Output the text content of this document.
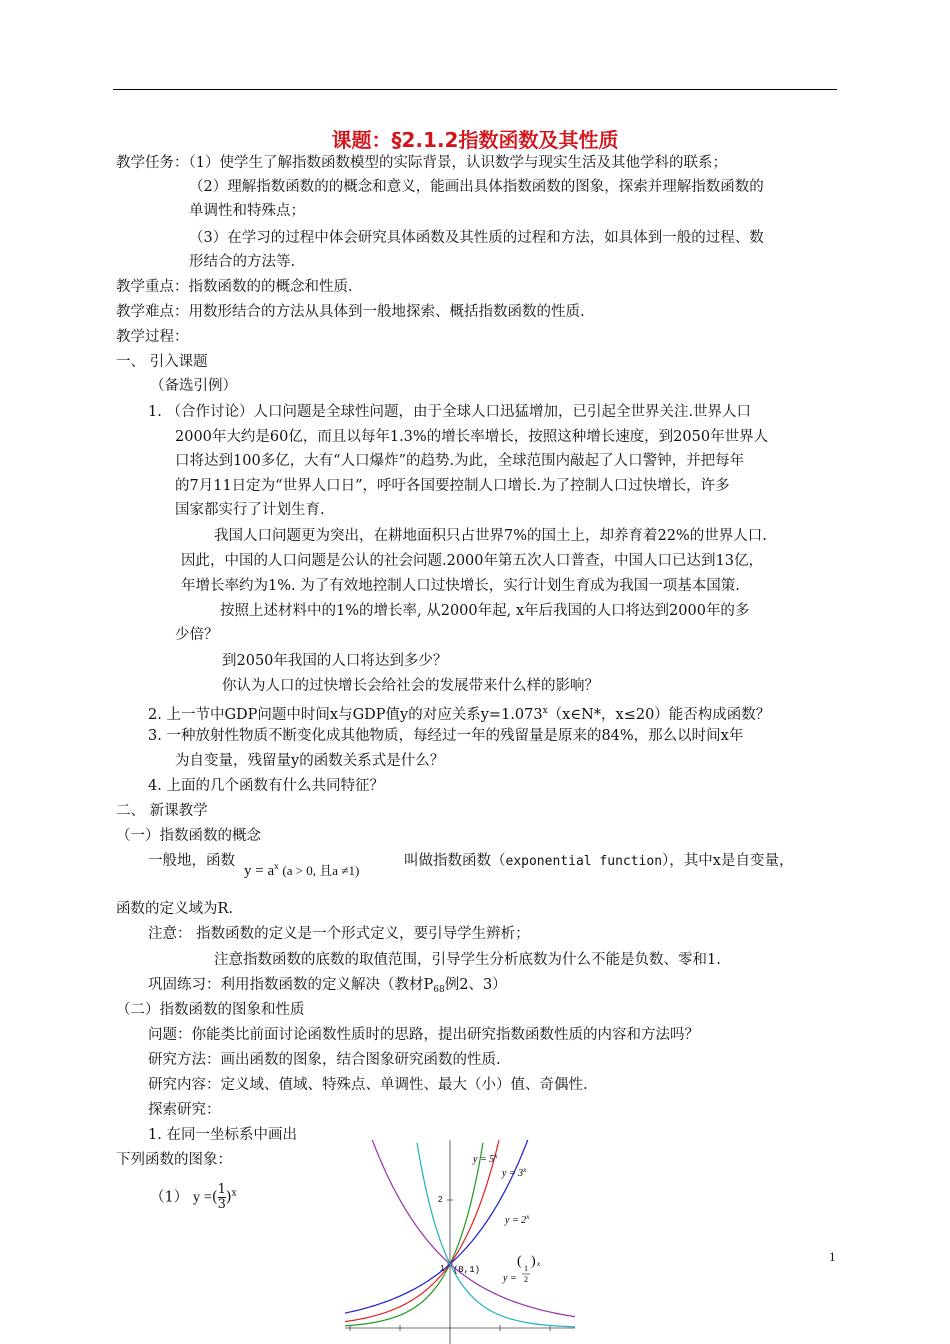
课题：§2.1.2指数函数及其性质
教学任务：（1）使学生了解指数函数模型的实际背景，认识数学与现实生活及其他学科的联系；
（2）理解指数函数的的概念和意义，能画出具体指数函数的图象，探索并理解指数函数的
单调性和特殊点；
（3）在学习的过程中体会研究具体函数及其性质的过程和方法，如具体到一般的过程、数
形结合的方法等.
教学重点：指数函数的的概念和性质.
教学难点：用数形结合的方法从具体到一般地探索、概括指数函数的性质.
教学过程：
一、 引入课题
（备选引例）
1. （合作讨论）人口问题是全球性问题，由于全球人口迅猛增加，已引起全世界关注.世界人口
2000年大约是60亿，而且以每年1.3%的增长率增长，按照这种增长速度，到2050年世界人
口将达到100多亿，大有“人口爆炸”的趋势.为此，全球范围内敲起了人口警钟，并把每年
的7月11日定为“世界人口日”，呼吁各国要控制人口增长.为了控制人口过快增长，许多
国家都实行了计划生育.
我国人口问题更为突出，在耕地面积只占世界7%的国土上，却养育着22%的世界人口.
因此，中国的人口问题是公认的社会问题.2000年第五次人口普查，中国人口已达到13亿，
年增长率约为1%. 为了有效地控制人口过快增长，实行计划生育成为我国一项基本国策.
按照上述材料中的1%的增长率, 从2000年起, x年后我国的人口将达到2000年的多
少倍？
到2050年我国的人口将达到多少？
你认为人口的过快增长会给社会的发展带来什么样的影响？
2. 上一节中GDP问题中时间x与GDP值y的对应关系$y=1.073^x(x\in N*$，x≤20）能否构成函数？
3. 一种放射性物质不断变化成其他物质，每经过一年的残留量是原来的84%，那么以时间x年
为自变量，残留量y的函数关系式是什么？
4. 上面的几个函数有什么共同特征？
二、 新课教学
（一）指数函数的概念
一般地，函数	叫做指数函数（exponential function），其中x是自变量，
函数的定义域为R.
注意： 指数函数的定义是一个形式定义，要引导学生辨析；
注意指数函数的底数的取值范围，引导学生分析底数为什么不能是负数、零和1.
巩固练习：利用指数函数的定义解决（教材$P_{68}$例2、3）
（二）指数函数的图象和性质
问题：你能类比前面讨论函数性质时的思路，提出研究指数函数性质的内容和方法吗？
研究方法：画出函数的图象，结合图象研究函数的性质.
研究内容：定义域、值域、特殊点、单调性、最大（小）值、奇偶性.
探索研究：
1. 在同一坐标系中画出
下列函数的图象：
$y = a^x$ (a > 0, 且a ≠1)
（1） y =( $\frac{1}{3} )^x$
$y = 5^x$
$y = 3^x$
$y = 2^x$
y =
1
2
( ) x
(0,1)
2
1
1
